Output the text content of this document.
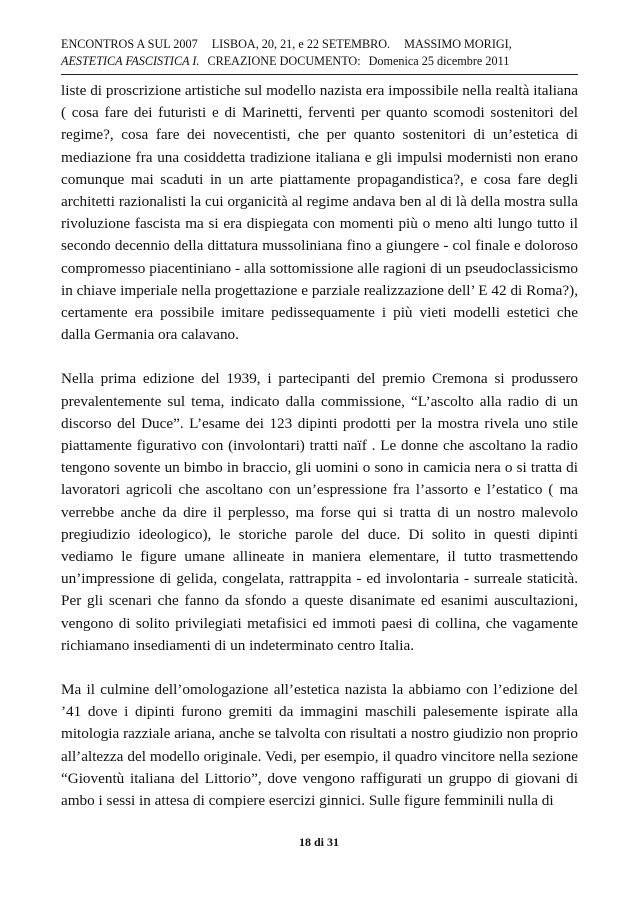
ENCONTROS A SUL 2007 LISBOA, 20, 21, e 22 SETEMBRO. MASSIMO MORIGI,
AESTETICA FASCISTICA I. CREAZIONE DOCUMENTO: Domenica 25 dicembre 2011

liste di proscrizione artistiche sul modello nazista era impossibile nella realtà italiana ( cosa fare dei futuristi e di Marinetti, ferventi per quanto scomodi sostenitori del regime?, cosa fare dei novecentisti, che per quanto sostenitori di un’estetica di mediazione fra una cosiddetta tradizione italiana e gli impulsi modernisti non erano comunque mai scaduti in un arte piattamente propagandistica?, e cosa fare degli architetti razionalisti la cui organicità al regime andava ben al di là della mostra sulla rivoluzione fascista ma si era dispiegata con momenti più o meno alti lungo tutto il secondo decennio della dittatura mussoliniana fino a giungere - col finale e doloroso compromesso piacentiniano - alla sottomissione alle ragioni di un pseudoclassicismo in chiave imperiale nella progettazione e parziale realizzazione dell’ E 42 di Roma?), certamente era possibile imitare pedissequamente i più vieti modelli estetici che dalla Germania ora calavano.

Nella prima edizione del 1939, i partecipanti del premio Cremona si produssero prevalentemente sul tema, indicato dalla commissione, “L’ascolto alla radio di un discorso del Duce”. L’esame dei 123 dipinti prodotti per la mostra rivela uno stile piattamente figurativo con (involontari) tratti naïf . Le donne che ascoltano la radio tengono sovente un bimbo in braccio, gli uomini o sono in camicia nera o si tratta di lavoratori agricoli che ascoltano con un’espressione fra l’assorto e l’estatico ( ma verrebbe anche da dire il perplesso, ma forse qui si tratta di un nostro malevolo pregiudizio ideologico), le storiche parole del duce. Di solito in questi dipinti vediamo le figure umane allineate in maniera elementare, il tutto trasmettendo un’impressione di gelida, congelata, rattrappita - ed involontaria - surreale staticità. Per gli scenari che fanno da sfondo a queste disanimate ed esanimi auscultazioni, vengono di solito privilegiati metafisici ed immoti paesi di collina, che vagamente richiamano insediamenti di un indeterminato centro Italia.

Ma il culmine dell’omologazione all’estetica nazista la abbiamo con l’edizione del ’41 dove i dipinti furono gremiti da immagini maschili palesemente ispirate alla mitologia razziale ariana, anche se talvolta con risultati a nostro giudizio non proprio all’altezza del modello originale. Vedi, per esempio, il quadro vincitore nella sezione “Gioventù italiana del Littorio”, dove vengono raffigurati un gruppo di giovani di ambo i sessi in attesa di compiere esercizi ginnici. Sulle figure femminili nulla di

18 di 31
